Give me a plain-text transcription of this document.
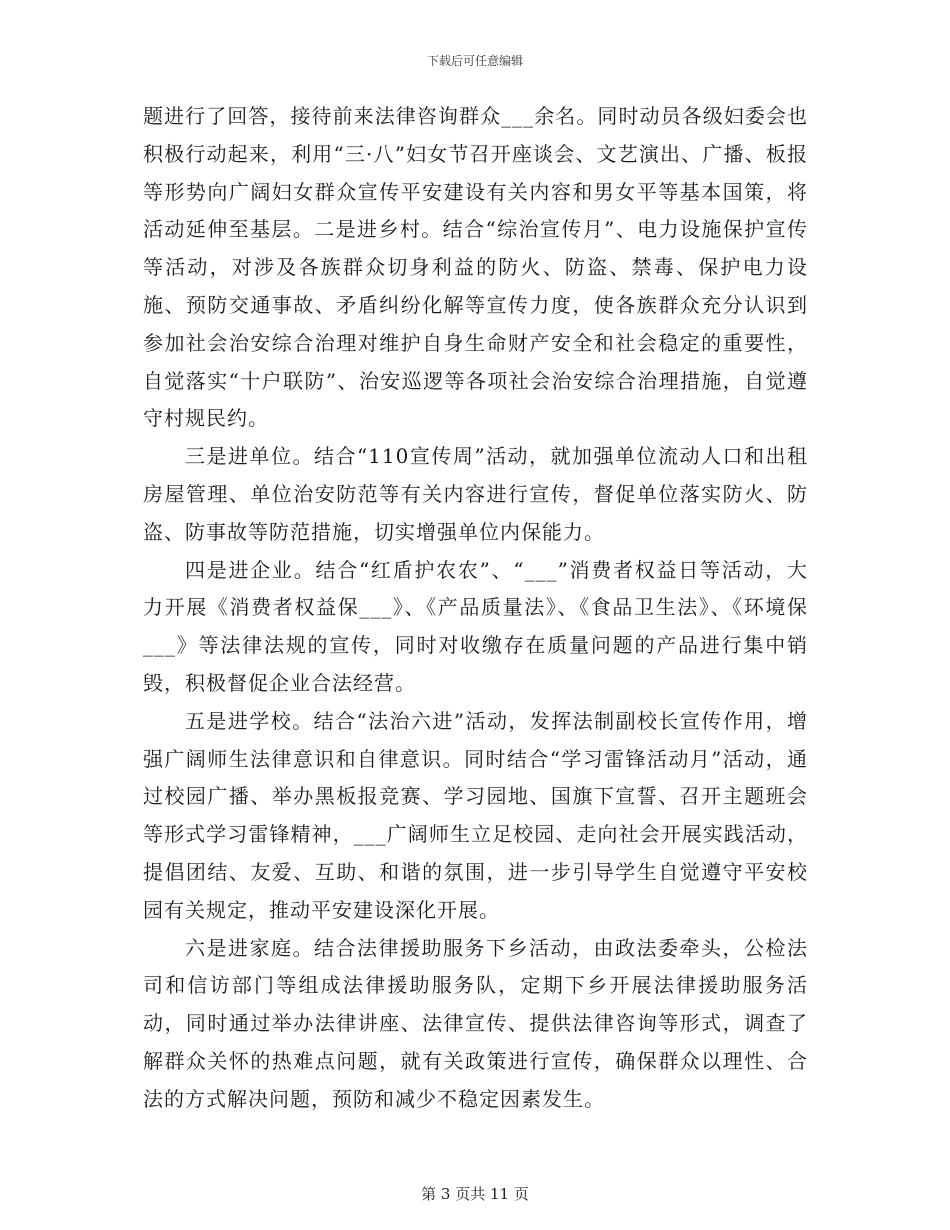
下载后可任意编辑

题进行了回答，接待前来法律咨询群众___余名。同时动员各级妇委会也积极行动起来，利用“三·八”妇女节召开座谈会、文艺演出、广播、板报等形势向广阔妇女群众宣传平安建设有关内容和男女平等基本国策，将活动延伸至基层。二是进乡村。结合“综治宣传月”、电力设施保护宣传等活动，对涉及各族群众切身利益的防火、防盗、禁毒、保护电力设施、预防交通事故、矛盾纠纷化解等宣传力度，使各族群众充分认识到参加社会治安综合治理对维护自身生命财产安全和社会稳定的重要性，自觉落实“十户联防”、治安巡逻等各项社会治安综合治理措施，自觉遵守村规民约。

三是进单位。结合“110宣传周”活动，就加强单位流动人口和出租房屋管理、单位治安防范等有关内容进行宣传，督促单位落实防火、防盗、防事故等防范措施，切实增强单位内保能力。

四是进企业。结合“红盾护农农”、“___”消费者权益日等活动，大力开展《消费者权益保___》、《产品质量法》、《食品卫生法》、《环境保___》等法律法规的宣传，同时对收缴存在质量问题的产品进行集中销毁，积极督促企业合法经营。

五是进学校。结合“法治六进”活动，发挥法制副校长宣传作用，增强广阔师生法律意识和自律意识。同时结合“学习雷锋活动月”活动，通过校园广播、举办黑板报竞赛、学习园地、国旗下宣誓、召开主题班会等形式学习雷锋精神，___广阔师生立足校园、走向社会开展实践活动，提倡团结、友爱、互助、和谐的氛围，进一步引导学生自觉遵守平安校园有关规定，推动平安建设深化开展。

六是进家庭。结合法律援助服务下乡活动，由政法委牵头，公检法司和信访部门等组成法律援助服务队，定期下乡开展法律援助服务活动，同时通过举办法律讲座、法律宣传、提供法律咨询等形式，调查了解群众关怀的热难点问题，就有关政策进行宣传，确保群众以理性、合法的方式解决问题，预防和减少不稳定因素发生。

第 3 页共 11 页
